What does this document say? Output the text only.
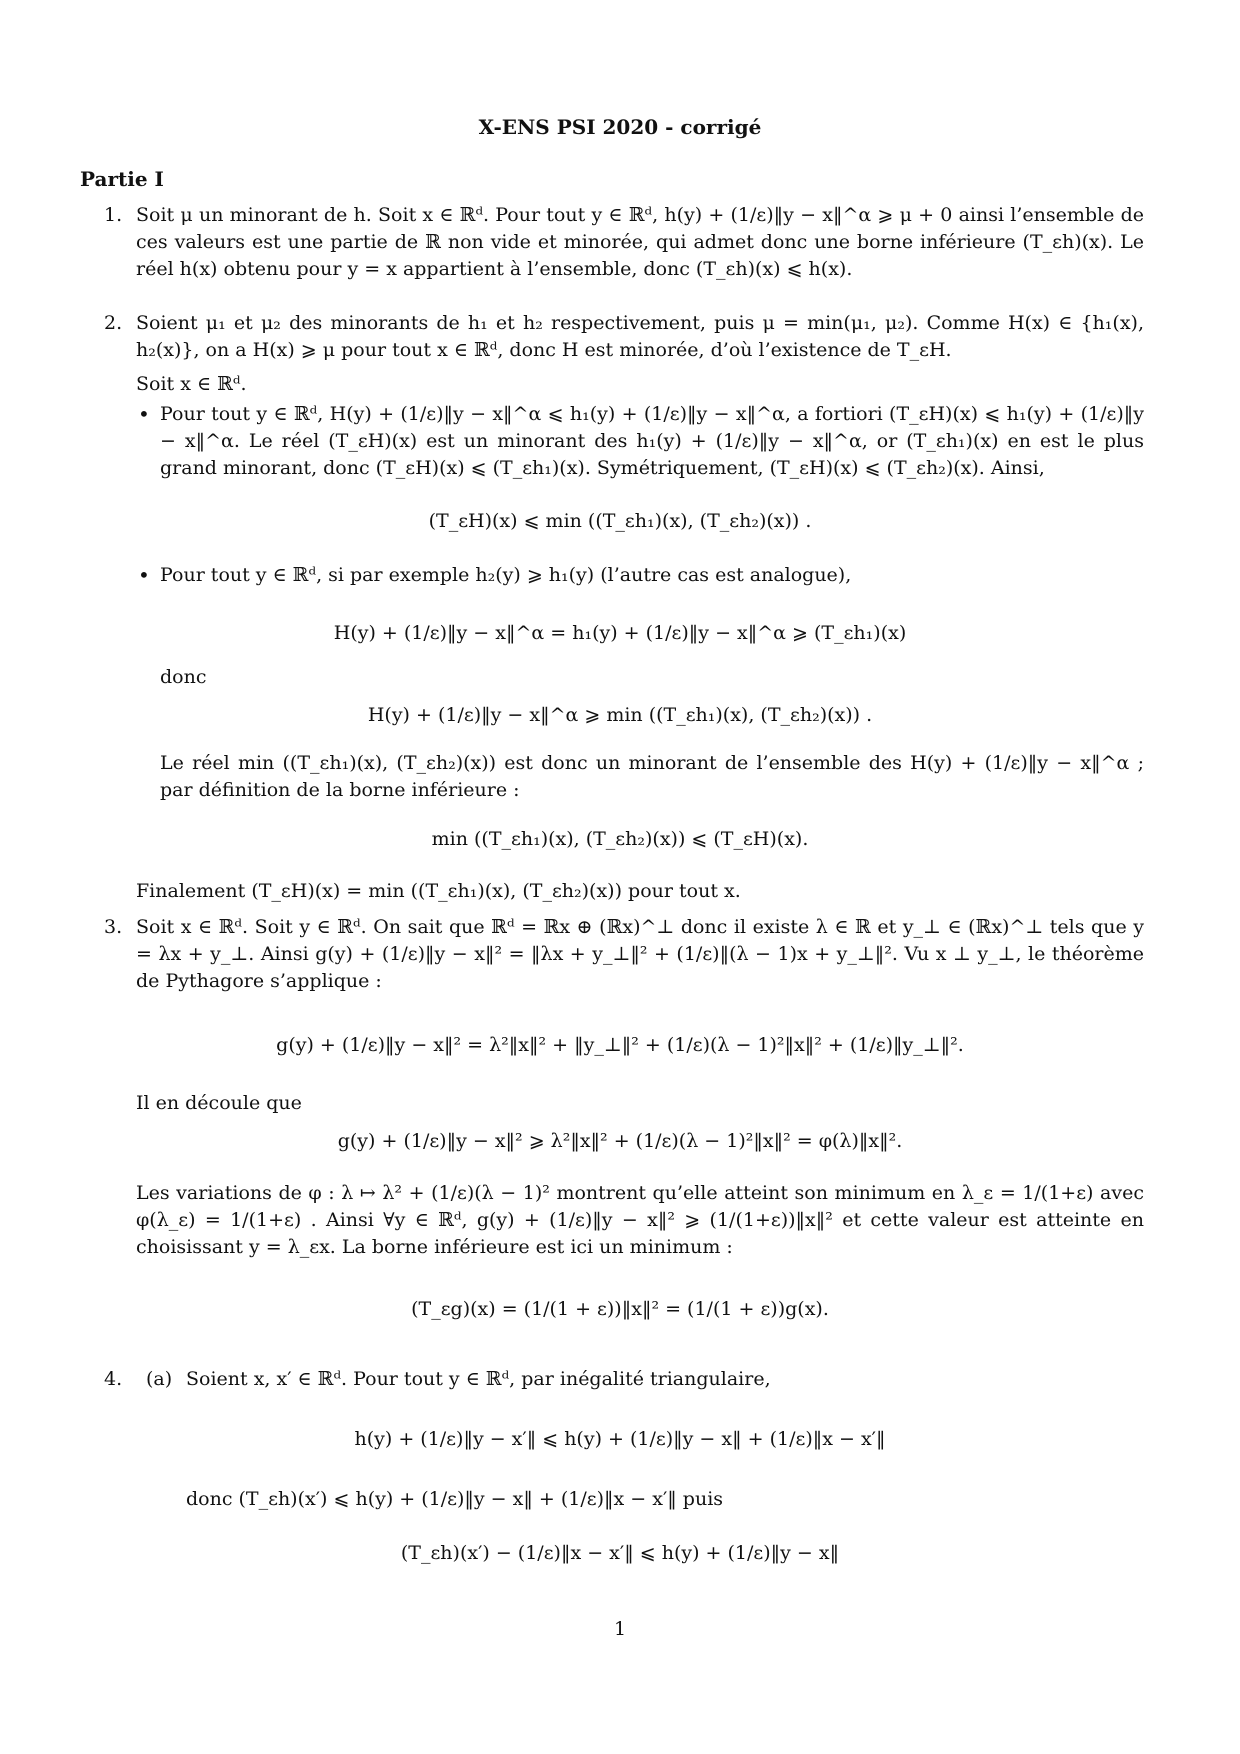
X-ENS PSI 2020 - corrigé
Partie I
1. Soit μ un minorant de h. Soit x ∈ ℝᵈ. Pour tout y ∈ ℝᵈ, h(y) + (1/ε)‖y − x‖^α ⩾ μ + 0 ainsi l’ensemble de ces valeurs est une partie de ℝ non vide et minorée, qui admet donc une borne inférieure (T_εh)(x). Le réel h(x) obtenu pour y = x appartient à l’ensemble, donc (T_εh)(x) ⩽ h(x).
2. Soient μ₁ et μ₂ des minorants de h₁ et h₂ respectivement, puis μ = min(μ₁, μ₂). Comme H(x) ∈ {h₁(x), h₂(x)}, on a H(x) ⩾ μ pour tout x ∈ ℝᵈ, donc H est minorée, d’où l’existence de T_εH.
Soit x ∈ ℝᵈ.
• Pour tout y ∈ ℝᵈ, H(y) + (1/ε)‖y − x‖^α ⩽ h₁(y) + (1/ε)‖y − x‖^α, a fortiori (T_εH)(x) ⩽ h₁(y) + (1/ε)‖y − x‖^α. Le réel (T_εH)(x) est un minorant des h₁(y) + (1/ε)‖y − x‖^α, or (T_εh₁)(x) en est le plus grand minorant, donc (T_εH)(x) ⩽ (T_εh₁)(x). Symétriquement, (T_εH)(x) ⩽ (T_εh₂)(x). Ainsi,
(T_εH)(x) ⩽ min ((T_εh₁)(x), (T_εh₂)(x)) .
• Pour tout y ∈ ℝᵈ, si par exemple h₂(y) ⩾ h₁(y) (l’autre cas est analogue),
H(y) + (1/ε)‖y − x‖^α = h₁(y) + (1/ε)‖y − x‖^α ⩾ (T_εh₁)(x)
donc
H(y) + (1/ε)‖y − x‖^α ⩾ min ((T_εh₁)(x), (T_εh₂)(x)) .
Le réel min ((T_εh₁)(x), (T_εh₂)(x)) est donc un minorant de l’ensemble des H(y) + (1/ε)‖y − x‖^α ; par définition de la borne inférieure :
min ((T_εh₁)(x), (T_εh₂)(x)) ⩽ (T_εH)(x).
Finalement (T_εH)(x) = min ((T_εh₁)(x), (T_εh₂)(x)) pour tout x.
3. Soit x ∈ ℝᵈ. Soit y ∈ ℝᵈ. On sait que ℝᵈ = ℝx ⊕ (ℝx)^⊥ donc il existe λ ∈ ℝ et y_⊥ ∈ (ℝx)^⊥ tels que y = λx + y_⊥. Ainsi g(y) + (1/ε)‖y − x‖² = ‖λx + y_⊥‖² + (1/ε)‖(λ − 1)x + y_⊥‖². Vu x ⊥ y_⊥, le théorème de Pythagore s’applique :
g(y) + (1/ε)‖y − x‖² = λ²‖x‖² + ‖y_⊥‖² + (1/ε)(λ − 1)²‖x‖² + (1/ε)‖y_⊥‖².
Il en découle que
g(y) + (1/ε)‖y − x‖² ⩾ λ²‖x‖² + (1/ε)(λ − 1)²‖x‖² = φ(λ)‖x‖².
Les variations de φ : λ ↦ λ² + (1/ε)(λ − 1)² montrent qu’elle atteint son minimum en λ_ε = 1/(1+ε) avec φ(λ_ε) = 1/(1+ε) . Ainsi ∀y ∈ ℝᵈ, g(y) + (1/ε)‖y − x‖² ⩾ (1/(1+ε))‖x‖² et cette valeur est atteinte en choisissant y = λ_εx. La borne inférieure est ici un minimum :
(T_εg)(x) = (1/(1 + ε))‖x‖² = (1/(1 + ε))g(x).
4. (a) Soient x, x′ ∈ ℝᵈ. Pour tout y ∈ ℝᵈ, par inégalité triangulaire,
h(y) + (1/ε)‖y − x′‖ ⩽ h(y) + (1/ε)‖y − x‖ + (1/ε)‖x − x′‖
donc (T_εh)(x′) ⩽ h(y) + (1/ε)‖y − x‖ + (1/ε)‖x − x′‖ puis
(T_εh)(x′) − (1/ε)‖x − x′‖ ⩽ h(y) + (1/ε)‖y − x‖
1
